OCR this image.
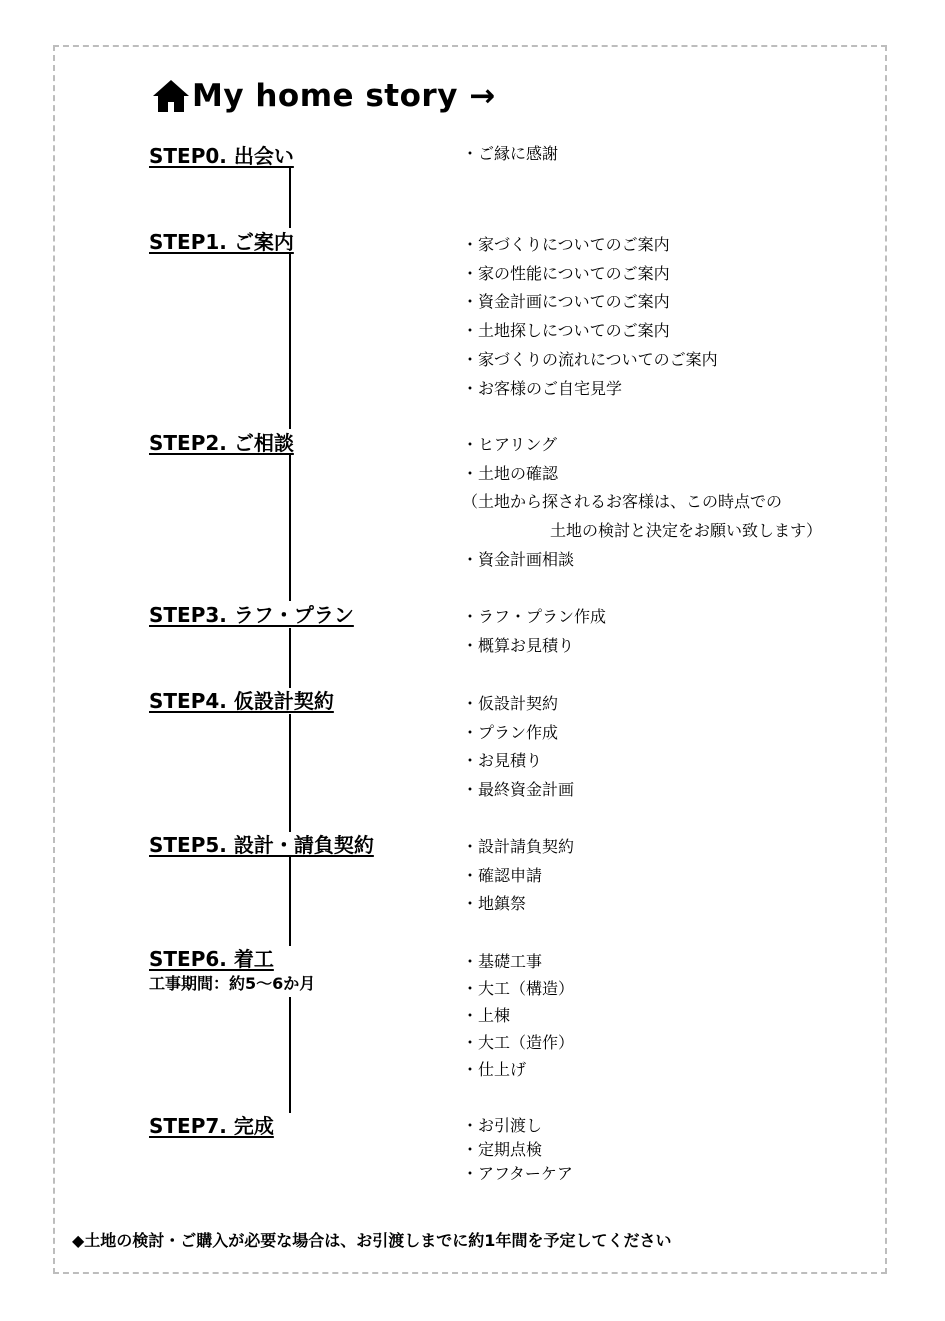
My home story →
STEP0. 出会い	・ご縁に感謝
STEP1. ご案内	・家づくりについてのご案内
・家の性能についてのご案内
・資金計画についてのご案内
・土地探しについてのご案内
・家づくりの流れについてのご案内
・お客様のご自宅見学
STEP2. ご相談	・ヒアリング
・土地の確認
（土地から探されるお客様は、この時点での
土地の検討と決定をお願い致します）
・資金計画相談
STEP3. ラフ・プラン	・ラフ・プラン作成
・概算お見積り
STEP4. 仮設計契約	・仮設計契約
・プラン作成
・お見積り
・最終資金計画
STEP5. 設計・請負契約	・設計請負契約
・確認申請
・地鎮祭
STEP6. 着工
工事期間：約5～6か月
・基礎工事
・大工（構造）
・上棟
・大工（造作）
・仕上げ
STEP7. 完成	・お引渡し
・定期点検
・アフターケア
◆土地の検討・ご購入が必要な場合は、お引渡しまでに約1年間を予定してください
